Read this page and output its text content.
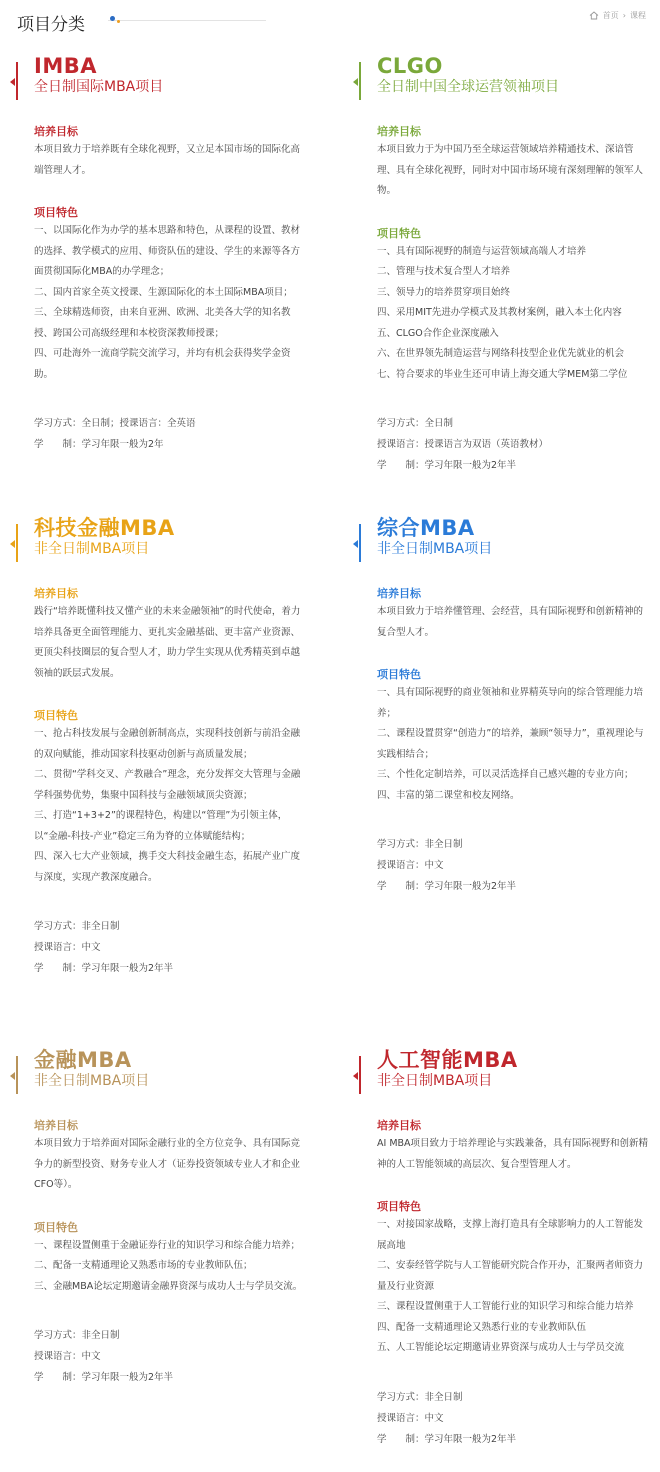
项目分类	首页 › 课程
IMBA
全日制国际MBA项目
培养目标
本项目致力于培养既有全球化视野，又立足本国市场的国际化高端管理人才。
项目特色
一、以国际化作为办学的基本思路和特色，从课程的设置、教材的选择、教学模式的应用、师资队伍的建设、学生的来源等各方面贯彻国际化MBA的办学理念；
二、国内首家全英文授课、生源国际化的本土国际MBA项目；
三、全球精选师资，由来自亚洲、欧洲、北美各大学的知名教授、跨国公司高级经理和本校资深教师授课；
四、可赴海外一流商学院交流学习，并均有机会获得奖学金资助。
学习方式：全日制；授课语言：全英语
学　　制：学习年限一般为2年
CLGO
全日制中国全球运营领袖项目
培养目标
本项目致力于为中国乃至全球运营领域培养精通技术、深谙管理、具有全球化视野，同时对中国市场环境有深刻理解的领军人物。
项目特色
一、具有国际视野的制造与运营领域高端人才培养
二、管理与技术复合型人才培养
三、领导力的培养贯穿项目始终
四、采用MIT先进办学模式及其教材案例，融入本土化内容
五、CLGO合作企业深度融入
六、在世界领先制造运营与网络科技型企业优先就业的机会
七、符合要求的毕业生还可申请上海交通大学MEM第二学位
学习方式：全日制
授课语言：授课语言为双语（英语教材）
学　　制：学习年限一般为2年半
科技金融MBA
非全日制MBA项目
培养目标
践行“培养既懂科技又懂产业的未来金融领袖”的时代使命，着力培养具备更全面管理能力、更扎实金融基础、更丰富产业资源、更顶尖科技圈层的复合型人才，助力学生实现从优秀精英到卓越领袖的跃层式发展。
项目特色
一、抢占科技发展与金融创新制高点，实现科技创新与前沿金融的双向赋能，推动国家科技驱动创新与高质量发展；
二、贯彻“学科交叉、产教融合”理念，充分发挥交大管理与金融学科强势优势，集聚中国科技与金融领域顶尖资源；
三、打造“1+3+2”的课程特色，构建以“管理”为引领主体，以“金融-科技-产业”稳定三角为脊的立体赋能结构；
四、深入七大产业领域，携手交大科技金融生态，拓展产业广度与深度，实现产教深度融合。
学习方式：非全日制
授课语言：中文
学　　制：学习年限一般为2年半
综合MBA
非全日制MBA项目
培养目标
本项目致力于培养懂管理、会经营，具有国际视野和创新精神的复合型人才。
项目特色
一、具有国际视野的商业领袖和业界精英导向的综合管理能力培养；
二、课程设置贯穿“创造力”的培养，兼顾“领导力”，重视理论与实践相结合；
三、个性化定制培养，可以灵活选择自己感兴趣的专业方向；
四、丰富的第二课堂和校友网络。
学习方式：非全日制
授课语言：中文
学　　制：学习年限一般为2年半
金融MBA
非全日制MBA项目
培养目标
本项目致力于培养面对国际金融行业的全方位竞争、具有国际竞争力的新型投资、财务专业人才（证券投资领域专业人才和企业CFO等）。
项目特色
一、课程设置侧重于金融证券行业的知识学习和综合能力培养；
二、配备一支精通理论又熟悉市场的专业教师队伍；
三、金融MBA论坛定期邀请金融界资深与成功人士与学员交流。
学习方式：非全日制
授课语言：中文
学　　制：学习年限一般为2年半
人工智能MBA
非全日制MBA项目
培养目标
AI MBA项目致力于培养理论与实践兼备，具有国际视野和创新精神的人工智能领域的高层次、复合型管理人才。
项目特色
一、对接国家战略，支撑上海打造具有全球影响力的人工智能发展高地
二、安泰经管学院与人工智能研究院合作开办，汇聚两者师资力量及行业资源
三、课程设置侧重于人工智能行业的知识学习和综合能力培养
四、配备一支精通理论又熟悉行业的专业教师队伍
五、人工智能论坛定期邀请业界资深与成功人士与学员交流
学习方式：非全日制
授课语言：中文
学　　制：学习年限一般为2年半
